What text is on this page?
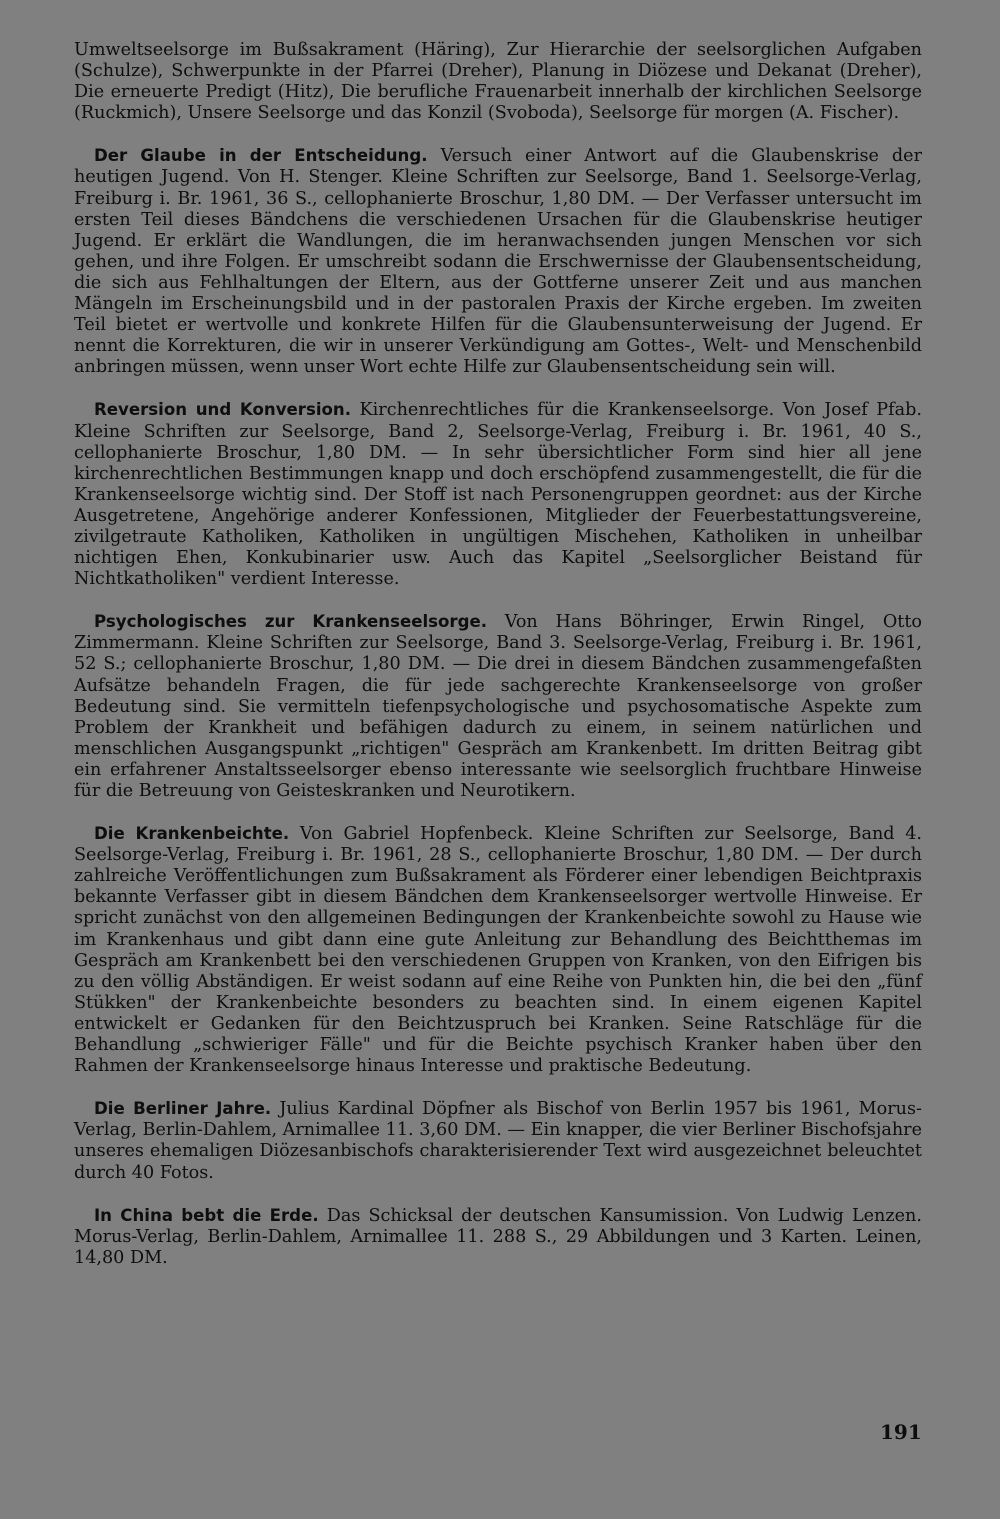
Umweltseelsorge im Bußsakrament (Häring), Zur Hierarchie der seelsorglichen Aufgaben (Schulze), Schwerpunkte in der Pfarrei (Dreher), Planung in Diözese und Dekanat (Dreher), Die erneuerte Predigt (Hitz), Die berufliche Frauenarbeit innerhalb der kirchlichen Seelsorge (Ruckmich), Unsere Seelsorge und das Konzil (Svoboda), Seelsorge für morgen (A. Fischer).

Der Glaube in der Entscheidung. Versuch einer Antwort auf die Glaubenskrise der heutigen Jugend. Von H. Stenger. Kleine Schriften zur Seelsorge, Band 1. Seelsorge-Verlag, Freiburg i. Br. 1961, 36 S., cellophanierte Broschur, 1,80 DM. — Der Verfasser untersucht im ersten Teil dieses Bändchens die verschiedenen Ursachen für die Glaubenskrise heutiger Jugend. Er erklärt die Wandlungen, die im heranwachsenden jungen Menschen vor sich gehen, und ihre Folgen. Er umschreibt sodann die Erschwernisse der Glaubensentscheidung, die sich aus Fehlhaltungen der Eltern, aus der Gottferne unserer Zeit und aus manchen Mängeln im Erscheinungsbild und in der pastoralen Praxis der Kirche ergeben. Im zweiten Teil bietet er wertvolle und konkrete Hilfen für die Glaubensunterweisung der Jugend. Er nennt die Korrekturen, die wir in unserer Verkündigung am Gottes-, Welt- und Menschenbild anbringen müssen, wenn unser Wort echte Hilfe zur Glaubensentscheidung sein will.

Reversion und Konversion. Kirchenrechtliches für die Krankenseelsorge. Von Josef Pfab. Kleine Schriften zur Seelsorge, Band 2, Seelsorge-Verlag, Freiburg i. Br. 1961, 40 S., cellophanierte Broschur, 1,80 DM. — In sehr übersichtlicher Form sind hier all jene kirchenrechtlichen Bestimmungen knapp und doch erschöpfend zusammengestellt, die für die Krankenseelsorge wichtig sind. Der Stoff ist nach Personengruppen geordnet: aus der Kirche Ausgetretene, Angehörige anderer Konfessionen, Mitglieder der Feuerbestattungsvereine, zivilgetraute Katholiken, Katholiken in ungültigen Mischehen, Katholiken in unheilbar nichtigen Ehen, Konkubinarier usw. Auch das Kapitel „Seelsorglicher Beistand für Nichtkatholiken" verdient Interesse.

Psychologisches zur Krankenseelsorge. Von Hans Böhringer, Erwin Ringel, Otto Zimmermann. Kleine Schriften zur Seelsorge, Band 3. Seelsorge-Verlag, Freiburg i. Br. 1961, 52 S.; cellophanierte Broschur, 1,80 DM. — Die drei in diesem Bändchen zusammengefaßten Aufsätze behandeln Fragen, die für jede sachgerechte Krankenseelsorge von großer Bedeutung sind. Sie vermitteln tiefenpsychologische und psychosomatische Aspekte zum Problem der Krankheit und befähigen dadurch zu einem, in seinem natürlichen und menschlichen Ausgangspunkt „richtigen" Gespräch am Krankenbett. Im dritten Beitrag gibt ein erfahrener Anstaltsseelsorger ebenso interessante wie seelsorglich fruchtbare Hinweise für die Betreuung von Geisteskranken und Neurotikern.

Die Krankenbeichte. Von Gabriel Hopfenbeck. Kleine Schriften zur Seelsorge, Band 4. Seelsorge-Verlag, Freiburg i. Br. 1961, 28 S., cellophanierte Broschur, 1,80 DM. — Der durch zahlreiche Veröffentlichungen zum Bußsakrament als Förderer einer lebendigen Beichtpraxis bekannte Verfasser gibt in diesem Bändchen dem Krankenseelsorger wertvolle Hinweise. Er spricht zunächst von den allgemeinen Bedingungen der Krankenbeichte sowohl zu Hause wie im Krankenhaus und gibt dann eine gute Anleitung zur Behandlung des Beichtthemas im Gespräch am Krankenbett bei den verschiedenen Gruppen von Kranken, von den Eifrigen bis zu den völlig Abständigen. Er weist sodann auf eine Reihe von Punkten hin, die bei den „fünf Stükken" der Krankenbeichte besonders zu beachten sind. In einem eigenen Kapitel entwickelt er Gedanken für den Beichtzuspruch bei Kranken. Seine Ratschläge für die Behandlung „schwieriger Fälle" und für die Beichte psychisch Kranker haben über den Rahmen der Krankenseelsorge hinaus Interesse und praktische Bedeutung.

Die Berliner Jahre. Julius Kardinal Döpfner als Bischof von Berlin 1957 bis 1961, Morus-Verlag, Berlin-Dahlem, Arnimallee 11. 3,60 DM. — Ein knapper, die vier Berliner Bischofsjahre unseres ehemaligen Diözesanbischofs charakterisierender Text wird ausgezeichnet beleuchtet durch 40 Fotos.

In China bebt die Erde. Das Schicksal der deutschen Kansumission. Von Ludwig Lenzen. Morus-Verlag, Berlin-Dahlem, Arnimallee 11. 288 S., 29 Abbildungen und 3 Karten. Leinen, 14,80 DM.

191
